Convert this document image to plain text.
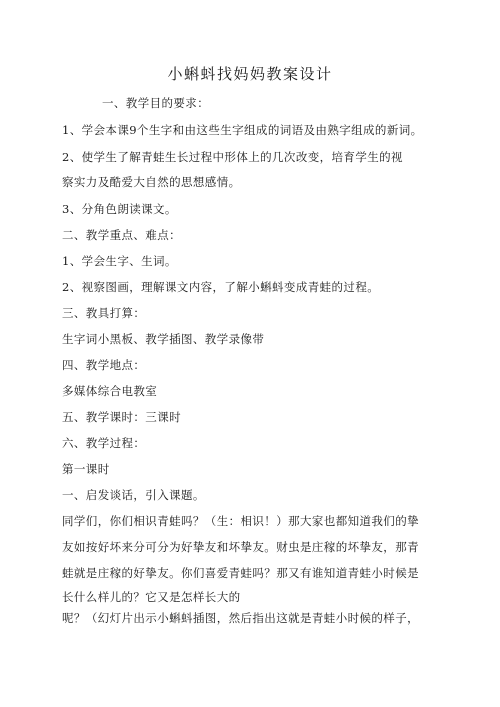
小蝌蚪找妈妈教案设计
一、教学目的要求：
1、学会本课9个生字和由这些生字组成的词语及由熟字组成的新词。
2、使学生了解青蛙生长过程中形体上的几次改变，培育学生的视
察实力及酷爱大自然的思想感情。
3、分角色朗读课文。
二、教学重点、难点：
1、学会生字、生词。
2、视察图画，理解课文内容，了解小蝌蚪变成青蛙的过程。
三、教具打算：
生字词小黑板、教学插图、教学录像带
四、教学地点：
多媒体综合电教室
五、教学课时：三课时
六、教学过程：
第一课时
一、启发谈话，引入课题。
同学们，你们相识青蛙吗？（生：相识！）那大家也都知道我们的挚
友如按好坏来分可分为好挚友和坏挚友。财虫是庄稼的坏挚友，那青
蛙就是庄稼的好挚友。你们喜爱青蛙吗？那又有谁知道青蛙小时候是
长什么样儿的？它又是怎样长大的
呢？（幻灯片出示小蝌蚪插图，然后指出这就是青蛙小时候的样子，
